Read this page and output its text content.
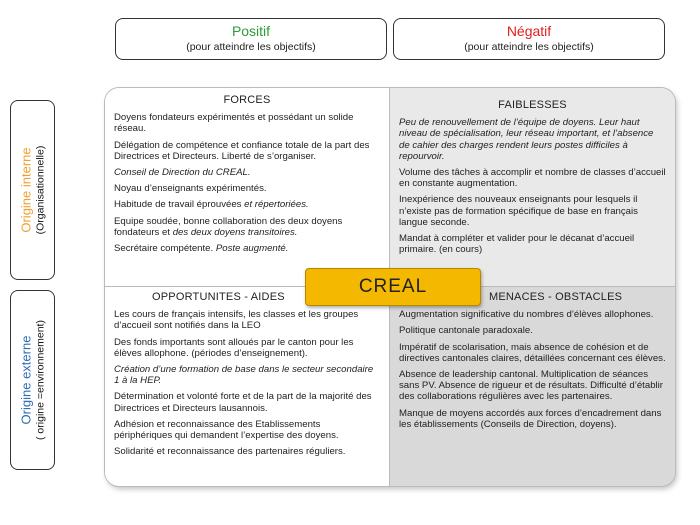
Positif
(pour atteindre les objectifs)
Négatif
(pour atteindre les objectifs)
Origine interne (Organisationnelle)
Origine externe ( origine =environnement)
FORCES

Doyens fondateurs expérimentés et possédant un solide réseau.

Délégation de compétence et confiance totale de la part des Directrices et Directeurs. Liberté de s’organiser.

Conseil de Direction du CREAL.

Noyau d’enseignants expérimentés.

Habitude de travail éprouvées et répertoriées.

Equipe soudée, bonne collaboration des deux doyens fondateurs et des deux doyens transitoires.

Secrétaire compétente. Poste augmenté.

FAIBLESSES

Peu de renouvellement de l’équipe de doyens. Leur haut niveau de spécialisation, leur réseau important, et l’absence de cahier des charges rendent leurs postes difficiles à repourvoir.

Volume des tâches à accomplir et nombre de classes d’accueil en constante augmentation.

Inexpérience des nouveaux enseignants pour lesquels il n’existe pas de formation spécifique de base en français langue seconde.

Mandat à compléter et valider pour le décanat d’accueil primaire. (en cours)

OPPORTUNITES - AIDES

Les cours de français intensifs, les classes et les groupes d’accueil sont notifiés dans la LEO

Des fonds importants sont alloués par le canton pour les élèves allophone. (périodes d’enseignement).

Création d’une formation de base dans le secteur secondaire 1 à la HEP.

Détermination et volonté forte et de la part de la majorité des Directrices et Directeurs lausannois.

Adhésion et reconnaissance des Etablissements périphériques qui demandent l’expertise des doyens.

Solidarité et reconnaissance des partenaires réguliers.

MENACES - OBSTACLES

Augmentation significative du nombres d’élèves allophones.

Politique cantonale paradoxale.

Impératif de scolarisation, mais absence de cohésion et de directives cantonales claires, détaillées concernant ces élèves.

Absence de leadership cantonal. Multiplication de séances sans PV. Absence de rigueur et de résultats. Difficulté d’établir des collaborations régulières avec les partenaires.

Manque de moyens accordés aux forces d’encadrement dans les établissements (Conseils de Direction, doyens).

CREAL
